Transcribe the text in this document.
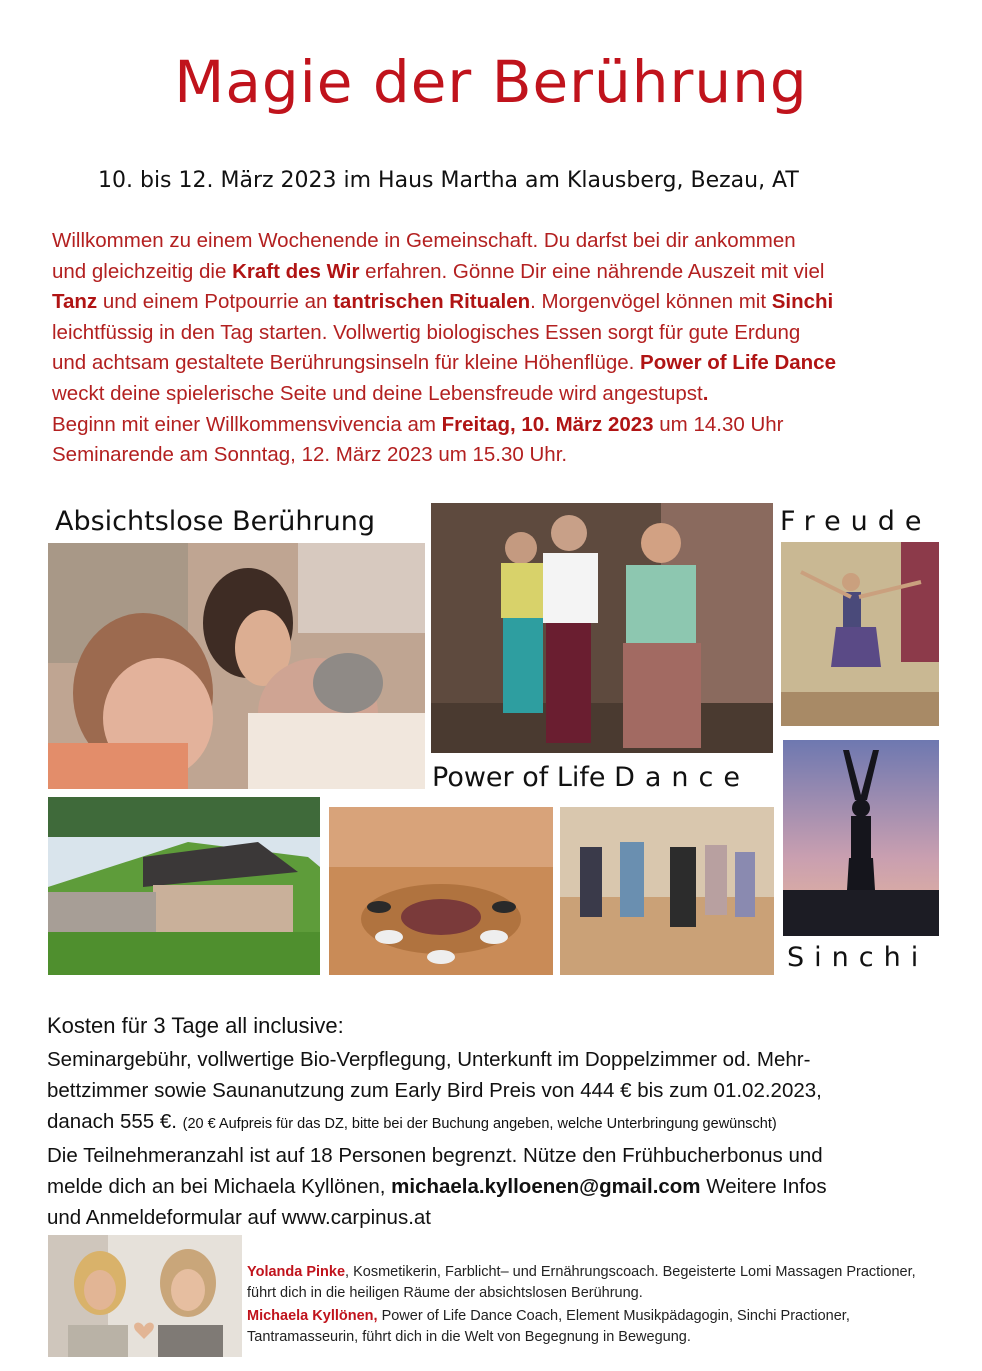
Magie der Berührung
10. bis 12. März 2023 im Haus Martha am Klausberg, Bezau, AT
Willkommen zu einem Wochenende in Gemeinschaft. Du darfst bei dir ankommen
und gleichzeitig die Kraft des Wir erfahren. Gönne Dir eine nährende Auszeit mit viel
Tanz und einem Potpourrie an tantrischen Ritualen. Morgenvögel können mit Sinchi
leichtfüssig in den Tag starten. Vollwertig biologisches Essen sorgt für gute Erdung
und achtsam gestaltete Berührungsinseln für kleine Höhenflüge. Power of Life Dance
weckt deine spielerische Seite und deine Lebensfreude wird angestupst.
Beginn mit einer Willkommensvivencia am Freitag, 10. März 2023 um 14.30 Uhr
Seminarende am Sonntag, 12. März 2023 um 15.30 Uhr.
Absichtslose Berührung	Freude
Power of Life Dance
Sinchi
Kosten für 3 Tage all inclusive:
Seminargebühr, vollwertige Bio-Verpflegung, Unterkunft im Doppelzimmer od. Mehr-
bettzimmer sowie Saunanutzung zum Early Bird Preis von 444 € bis zum 01.02.2023,
danach 555 €. (20 € Aufpreis für das DZ, bitte bei der Buchung angeben, welche Unterbringung gewünscht)
Die Teilnehmeranzahl ist auf 18 Personen begrenzt. Nütze den Frühbucherbonus und
melde dich an bei Michaela Kyllönen, michaela.kylloenen@gmail.com Weitere Infos
und Anmeldeformular auf www.carpinus.at

Yolanda Pinke, Kosmetikerin, Farblicht– und Ernährungscoach. Begeisterte Lomi Massagen Practioner, führt dich in die heiligen Räume der absichtslosen Berührung.

Michaela Kyllönen, Power of Life Dance Coach, Element Musikpädagogin, Sinchi Practioner, Tantramasseurin, führt dich in die Welt von Begegnung in Bewegung.
